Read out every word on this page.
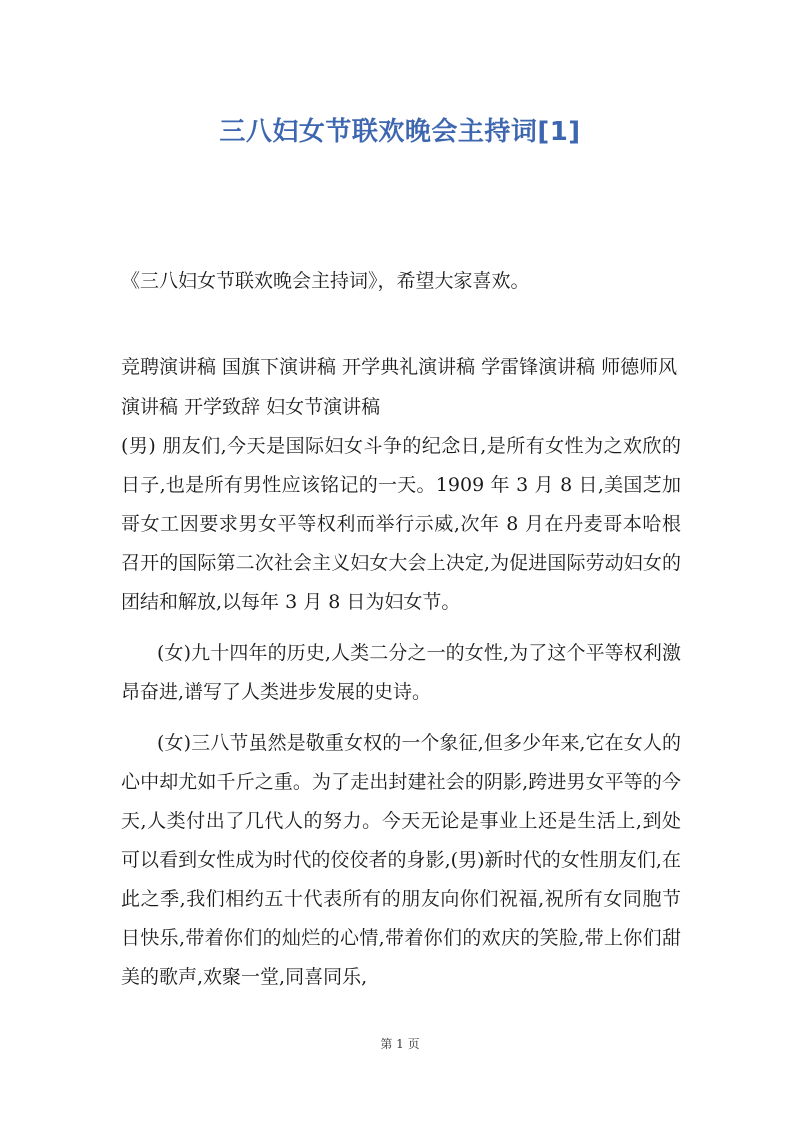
三八妇女节联欢晚会主持词[1]
《三八妇女节联欢晚会主持词》，希望大家喜欢。
竞聘演讲稿 国旗下演讲稿 开学典礼演讲稿 学雷锋演讲稿 师德师风演讲稿 开学致辞 妇女节演讲稿

(男) 朋友们,今天是国际妇女斗争的纪念日,是所有女性为之欢欣的日子,也是所有男性应该铭记的一天。1909 年 3 月 8 日,美国芝加哥女工因要求男女平等权利而举行示威,次年 8 月在丹麦哥本哈根召开的国际第二次社会主义妇女大会上决定,为促进国际劳动妇女的团结和解放,以每年 3 月 8 日为妇女节。

(女)九十四年的历史,人类二分之一的女性,为了这个平等权利激昂奋进,谱写了人类进步发展的史诗。

(女)三八节虽然是敬重女权的一个象征,但多少年来,它在女人的心中却尤如千斤之重。为了走出封建社会的阴影,跨进男女平等的今天,人类付出了几代人的努力。今天无论是事业上还是生活上,到处可以看到女性成为时代的佼佼者的身影,(男)新时代的女性朋友们,在此之季,我们相约五十代表所有的朋友向你们祝福,祝所有女同胞节日快乐,带着你们的灿烂的心情,带着你们的欢庆的笑脸,带上你们甜美的歌声,欢聚一堂,同喜同乐,

第 1 页
